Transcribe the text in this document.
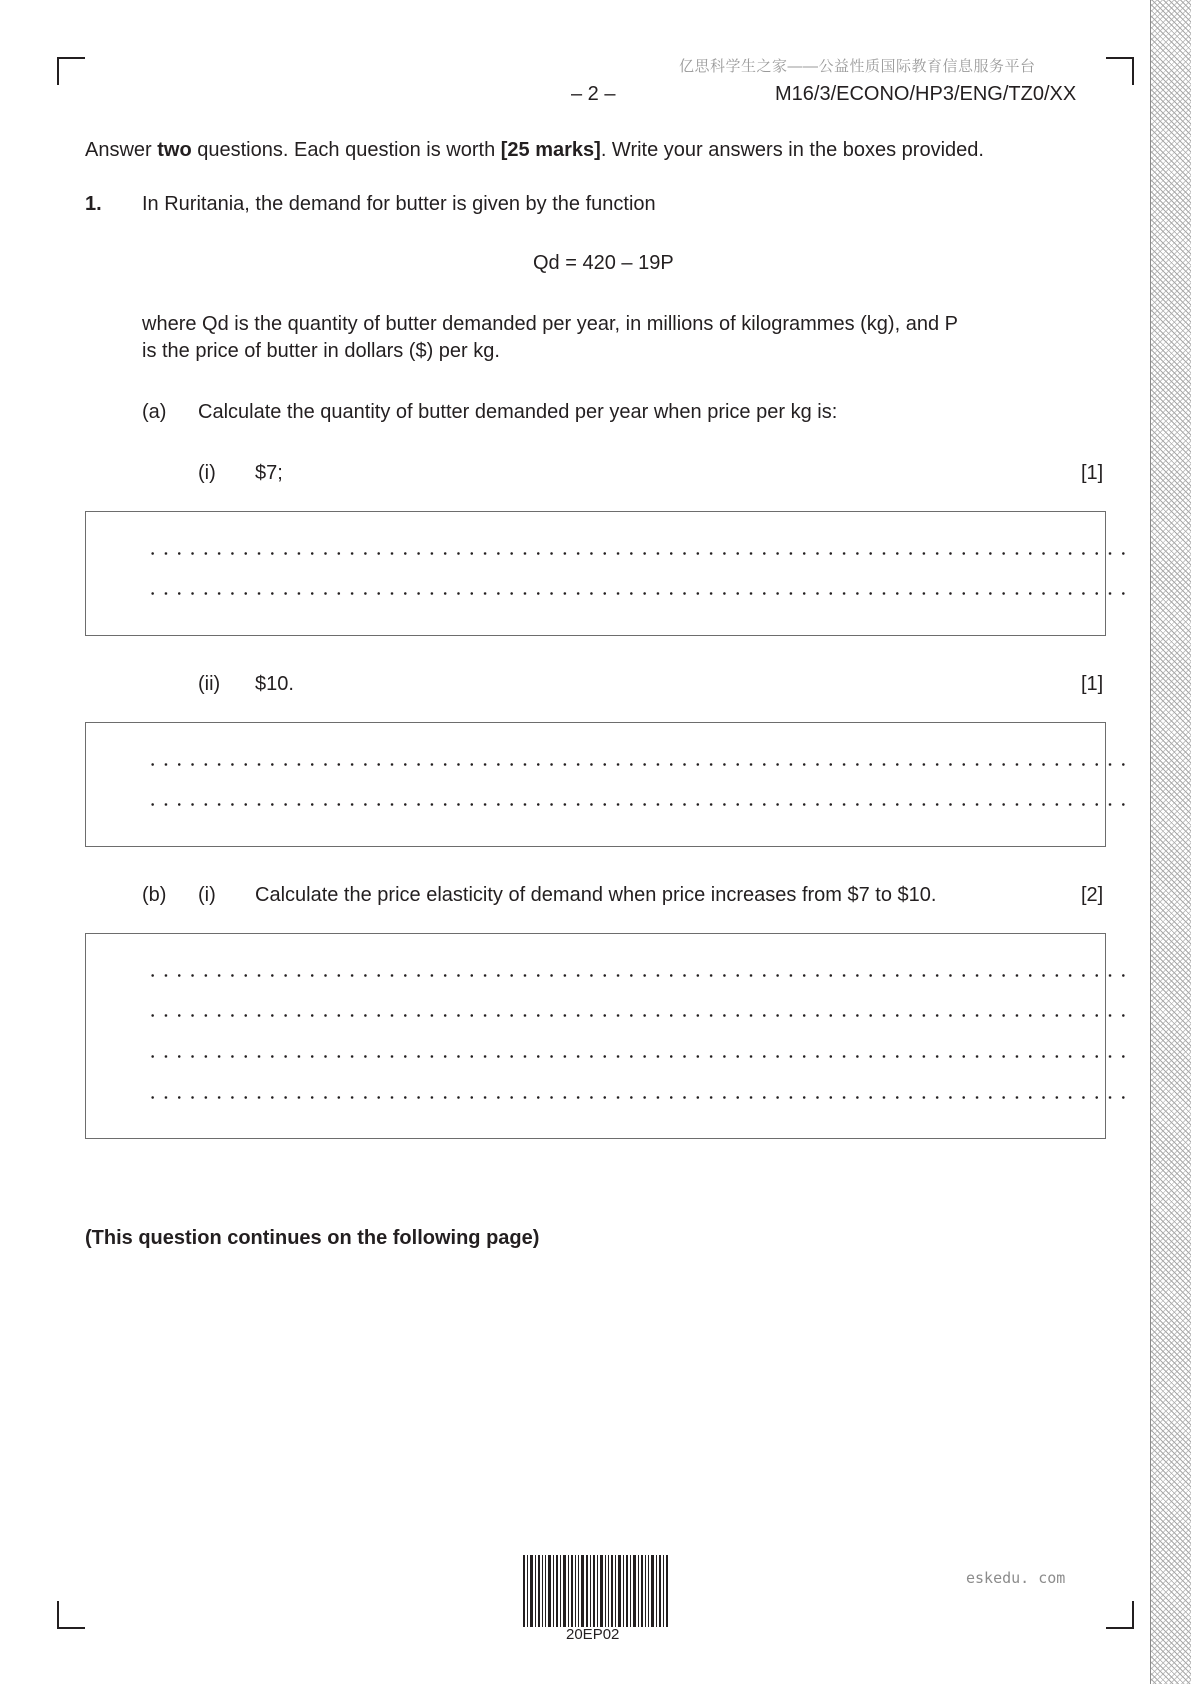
亿思科学生之家——公益性质国际教育信息服务平台
– 2 –	M16/3/ECONO/HP3/ENG/TZ0/XX
Answer two questions. Each question is worth [25 marks]. Write your answers in the boxes provided.
1. In Ruritania, the demand for butter is given by the function
Qd = 420 – 19P
where Qd is the quantity of butter demanded per year, in millions of kilogrammes (kg), and P
is the price of butter in dollars ($) per kg.
(a) Calculate the quantity of butter demanded per year when price per kg is:
(i) $7;	[1]
(ii) $10.	[1]
(b) (i) Calculate the price elasticity of demand when price increases from $7 to $10.	[2]
(This question continues on the following page)
20EP02
eskedu. com
